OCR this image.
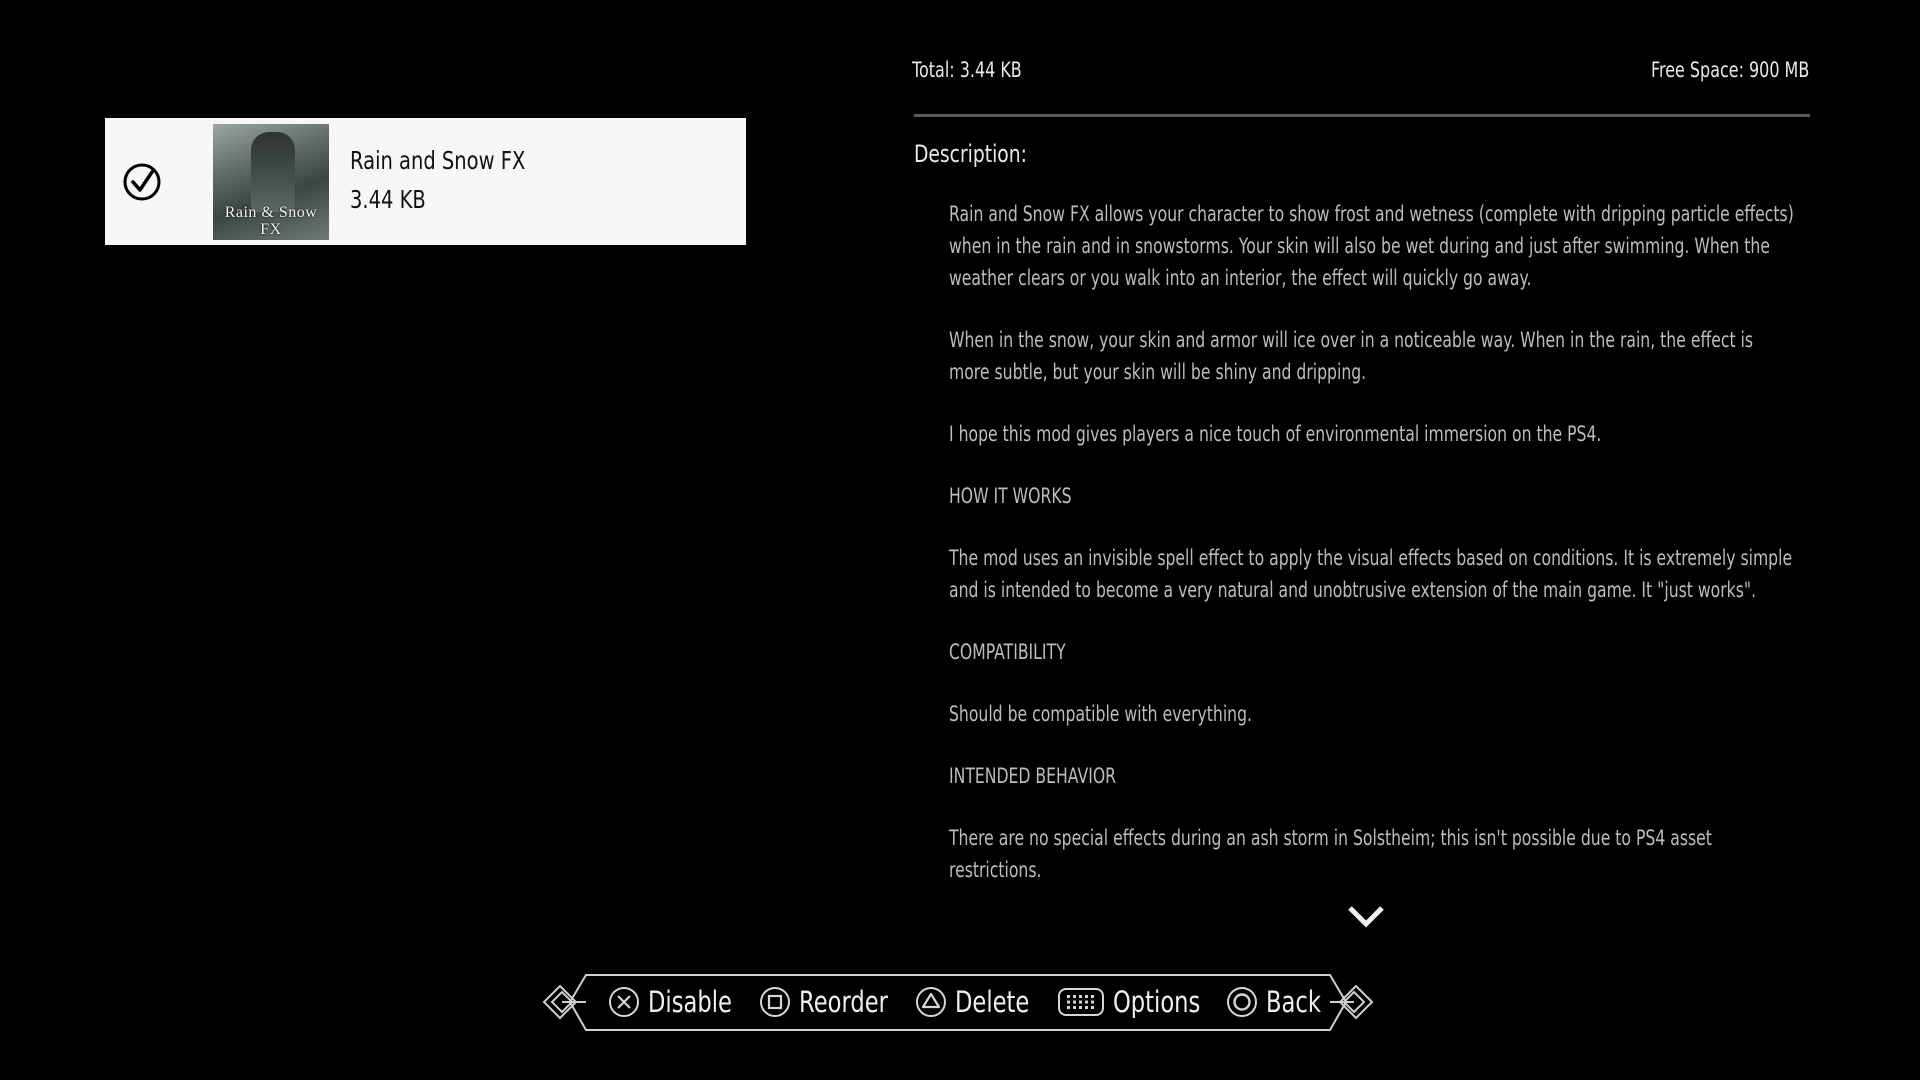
Rain & Snow FX
Rain and Snow FX
3.44 KB
Total: 3.44 KB	Free Space: 900 MB
Description:

Rain and Snow FX allows your character to show frost and wetness (complete with dripping particle effects) when in the rain and in snowstorms. Your skin will also be wet during and just after swimming. When the weather clears or you walk into an interior, the effect will quickly go away.

When in the snow, your skin and armor will ice over in a noticeable way. When in the rain, the effect is more subtle, but your skin will be shiny and dripping.

I hope this mod gives players a nice touch of environmental immersion on the PS4.

HOW IT WORKS

The mod uses an invisible spell effect to apply the visual effects based on conditions. It is extremely simple and is intended to become a very natural and unobtrusive extension of the main game. It "just works".

COMPATIBILITY

Should be compatible with everything.

INTENDED BEHAVIOR

There are no special effects during an ash storm in Solstheim; this isn't possible due to PS4 asset restrictions.

Disable Reorder Delete	Options Back
